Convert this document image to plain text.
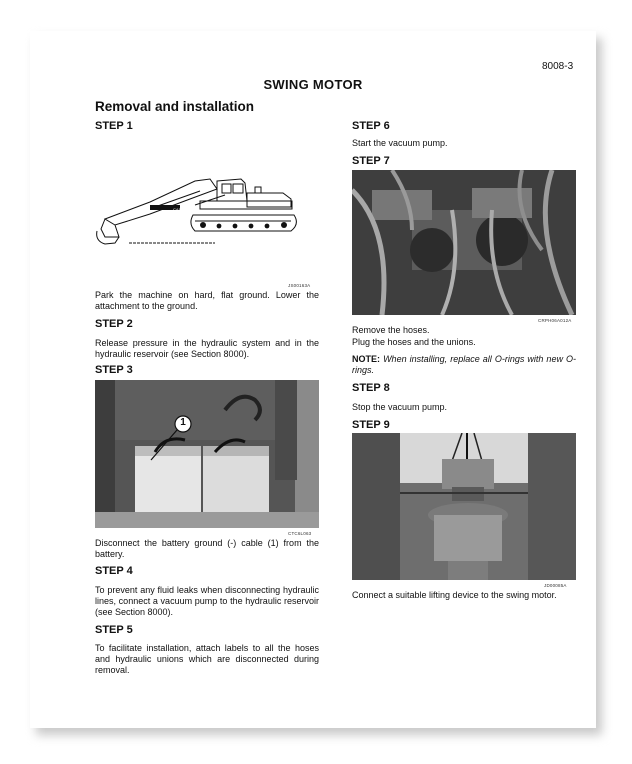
8008-3
SWING MOTOR
Removal and installation
STEP 1
CASE
JS00163A
Park the machine on hard, flat ground. Lower the attachment to the ground.
STEP 2
Release pressure in the hydraulic system and in the hydraulic reservoir (see Section 8000).
STEP 3
1
CTC6L063
Disconnect the battery ground (-) cable (1) from the battery.
STEP 4
To prevent any fluid leaks when disconnecting hydraulic lines, connect a vacuum pump to the hydraulic reservoir (see Section 8000).
STEP 5
To facilitate installation, attach labels to all the hoses and hydraulic unions which are disconnected during removal.
STEP 6
Start the vacuum pump.
STEP 7
CRPH06A012A
Remove the hoses.
Plug the hoses and the unions.
NOTE: When installing, replace all O-rings with new O-rings.
STEP 8
Stop the vacuum pump.
STEP 9
JD00085A
Connect a suitable lifting device to the swing motor.
